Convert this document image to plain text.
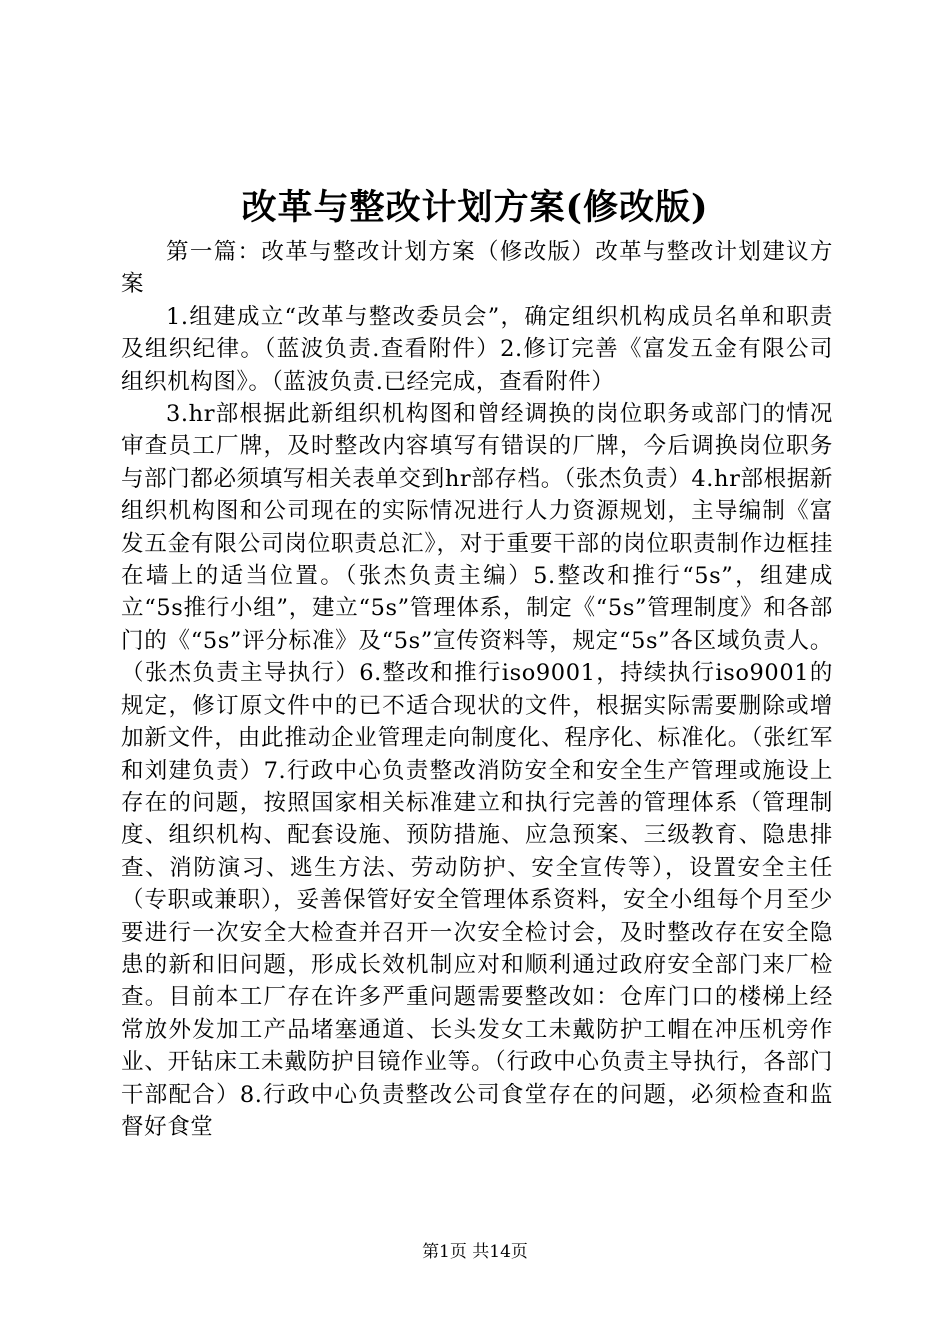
改革与整改计划方案(修改版)

第一篇：改革与整改计划方案（修改版）改革与整改计划建议方案

1.组建成立“改革与整改委员会”，确定组织机构成员名单和职责及组织纪律。（蓝波负责.查看附件）2.修订完善《富发五金有限公司组织机构图》。（蓝波负责.已经完成，查看附件）

3.hr部根据此新组织机构图和曾经调换的岗位职务或部门的情况审查员工厂牌，及时整改内容填写有错误的厂牌，今后调换岗位职务与部门都必须填写相关表单交到hr部存档。（张杰负责）4.hr部根据新组织机构图和公司现在的实际情况进行人力资源规划，主导编制《富发五金有限公司岗位职责总汇》，对于重要干部的岗位职责制作边框挂在墙上的适当位置。（张杰负责主编）5.整改和推行“5s”，组建成立“5s推行小组”，建立“5s”管理体系，制定《“5s”管理制度》和各部门的《“5s”评分标准》及“5s”宣传资料等，规定“5s”各区域负责人。（张杰负责主导执行）6.整改和推行iso9001，持续执行iso9001的规定，修订原文件中的已不适合现状的文件，根据实际需要删除或增加新文件，由此推动企业管理走向制度化、程序化、标准化。（张红军和刘建负责）7.行政中心负责整改消防安全和安全生产管理或施设上存在的问题，按照国家相关标准建立和执行完善的管理体系（管理制度、组织机构、配套设施、预防措施、应急预案、三级教育、隐患排查、消防演习、逃生方法、劳动防护、安全宣传等），设置安全主任（专职或兼职），妥善保管好安全管理体系资料，安全小组每个月至少要进行一次安全大检查并召开一次安全检讨会，及时整改存在安全隐患的新和旧问题，形成长效机制应对和顺利通过政府安全部门来厂检查。目前本工厂存在许多严重问题需要整改如：仓库门口的楼梯上经常放外发加工产品堵塞通道、长头发女工未戴防护工帽在冲压机旁作业、开钻床工未戴防护目镜作业等。（行政中心负责主导执行，各部门干部配合）8.行政中心负责整改公司食堂存在的问题，必须检查和监督好食堂

第1页 共14页
